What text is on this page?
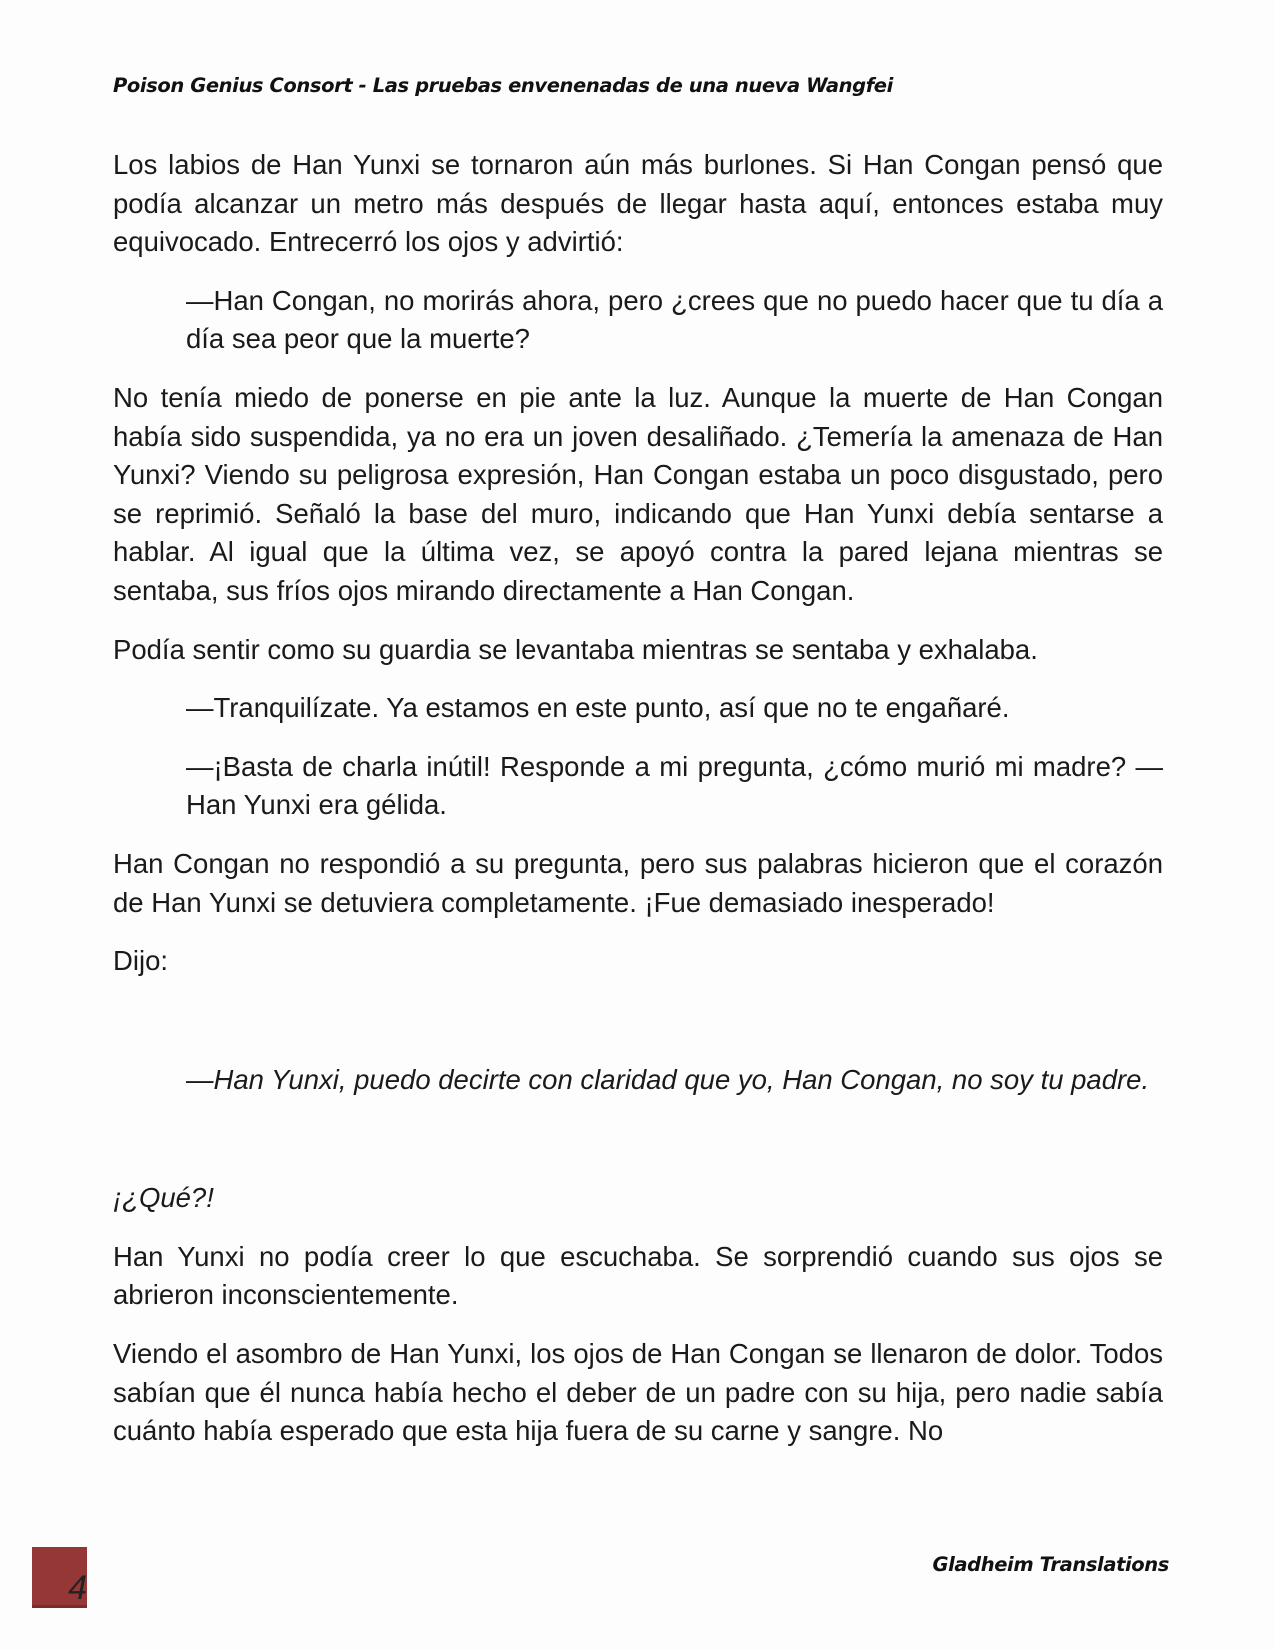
Poison Genius Consort - Las pruebas envenenadas de una nueva Wangfei

Los labios de Han Yunxi se tornaron aún más burlones. Si Han Congan pensó que podía alcanzar un metro más después de llegar hasta aquí, entonces estaba muy equivocado. Entrecerró los ojos y advirtió:

—Han Congan, no morirás ahora, pero ¿crees que no puedo hacer que tu día a día sea peor que la muerte?

No tenía miedo de ponerse en pie ante la luz. Aunque la muerte de Han Congan había sido suspendida, ya no era un joven desaliñado. ¿Temería la amenaza de Han Yunxi? Viendo su peligrosa expresión, Han Congan estaba un poco disgustado, pero se reprimió. Señaló la base del muro, indicando que Han Yunxi debía sentarse a hablar. Al igual que la última vez, se apoyó contra la pared lejana mientras se sentaba, sus fríos ojos mirando directamente a Han Congan.

Podía sentir como su guardia se levantaba mientras se sentaba y exhalaba.

—Tranquilízate. Ya estamos en este punto, así que no te engañaré.

—¡Basta de charla inútil! Responde a mi pregunta, ¿cómo murió mi madre? —Han Yunxi era gélida.

Han Congan no respondió a su pregunta, pero sus palabras hicieron que el corazón de Han Yunxi se detuviera completamente. ¡Fue demasiado inesperado!

Dijo:

—Han Yunxi, puedo decirte con claridad que yo, Han Congan, no soy tu padre.

¡¿Qué?!

Han Yunxi no podía creer lo que escuchaba. Se sorprendió cuando sus ojos se abrieron inconscientemente.

Viendo el asombro de Han Yunxi, los ojos de Han Congan se llenaron de dolor. Todos sabían que él nunca había hecho el deber de un padre con su hija, pero nadie sabía cuánto había esperado que esta hija fuera de su carne y sangre. No

4
Gladheim Translations
